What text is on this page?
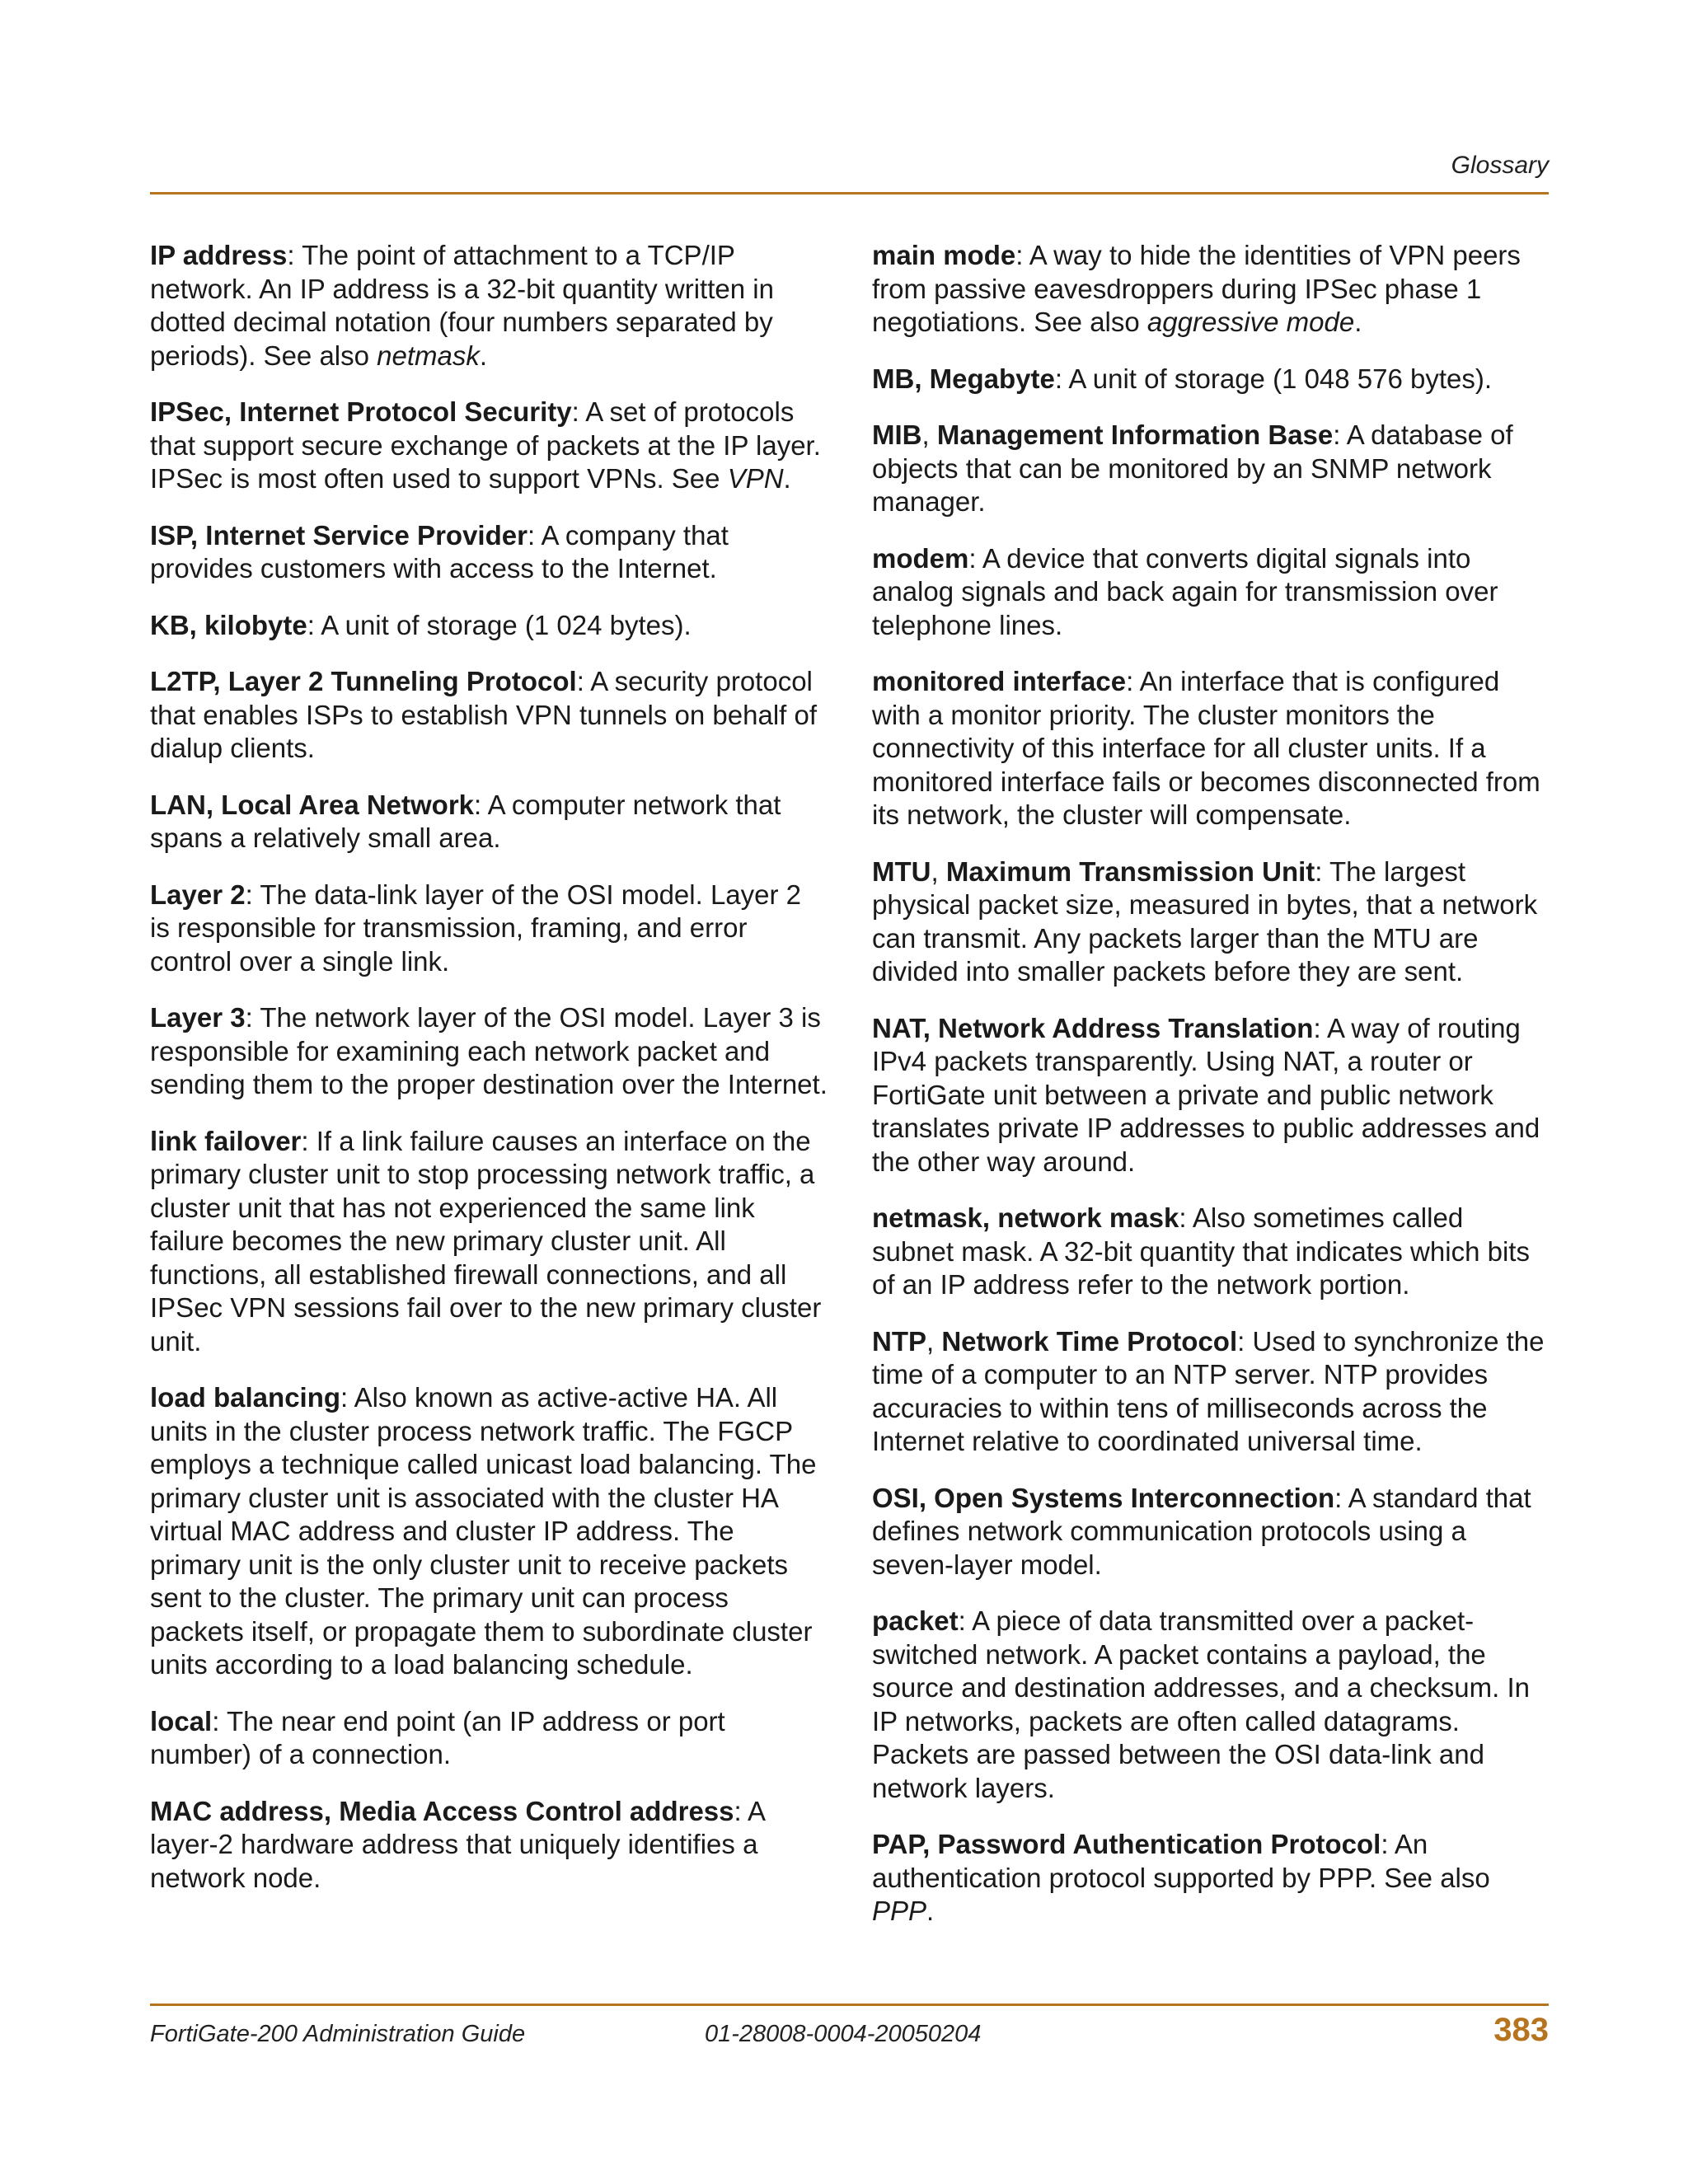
Glossary

IP address: The point of attachment to a TCP/IP network. An IP address is a 32-bit quantity written in dotted decimal notation (four numbers separated by periods). See also netmask.

IPSec, Internet Protocol Security: A set of protocols that support secure exchange of packets at the IP layer. IPSec is most often used to support VPNs. See VPN.

ISP, Internet Service Provider: A company that provides customers with access to the Internet.

KB, kilobyte: A unit of storage (1 024 bytes).

L2TP, Layer 2 Tunneling Protocol: A security protocol that enables ISPs to establish VPN tunnels on behalf of dialup clients.

LAN, Local Area Network: A computer network that spans a relatively small area.

Layer 2: The data-link layer of the OSI model. Layer 2 is responsible for transmission, framing, and error control over a single link.

Layer 3: The network layer of the OSI model. Layer 3 is responsible for examining each network packet and sending them to the proper destination over the Internet.

link failover: If a link failure causes an interface on the primary cluster unit to stop processing network traffic, a cluster unit that has not experienced the same link failure becomes the new primary cluster unit. All functions, all established firewall connections, and all IPSec VPN sessions fail over to the new primary cluster unit.

load balancing: Also known as active-active HA. All units in the cluster process network traffic. The FGCP employs a technique called unicast load balancing. The primary cluster unit is associated with the cluster HA virtual MAC address and cluster IP address. The primary unit is the only cluster unit to receive packets sent to the cluster. The primary unit can process packets itself, or propagate them to subordinate cluster units according to a load balancing schedule.

local: The near end point (an IP address or port number) of a connection.

MAC address, Media Access Control address: A layer-2 hardware address that uniquely identifies a network node.

main mode: A way to hide the identities of VPN peers from passive eavesdroppers during IPSec phase 1 negotiations. See also aggressive mode.

MB, Megabyte: A unit of storage (1 048 576 bytes).

MIB, Management Information Base: A database of objects that can be monitored by an SNMP network manager.

modem: A device that converts digital signals into analog signals and back again for transmission over telephone lines.

monitored interface: An interface that is configured with a monitor priority. The cluster monitors the connectivity of this interface for all cluster units. If a monitored interface fails or becomes disconnected from its network, the cluster will compensate.

MTU, Maximum Transmission Unit: The largest physical packet size, measured in bytes, that a network can transmit. Any packets larger than the MTU are divided into smaller packets before they are sent.

NAT, Network Address Translation: A way of routing IPv4 packets transparently. Using NAT, a router or FortiGate unit between a private and public network translates private IP addresses to public addresses and the other way around.

netmask, network mask: Also sometimes called subnet mask. A 32-bit quantity that indicates which bits of an IP address refer to the network portion.

NTP, Network Time Protocol: Used to synchronize the time of a computer to an NTP server. NTP provides accuracies to within tens of milliseconds across the Internet relative to coordinated universal time.

OSI, Open Systems Interconnection: A standard that defines network communication protocols using a seven-layer model.

packet: A piece of data transmitted over a packet-switched network. A packet contains a payload, the source and destination addresses, and a checksum. In IP networks, packets are often called datagrams. Packets are passed between the OSI data-link and network layers.

PAP, Password Authentication Protocol: An authentication protocol supported by PPP. See also PPP.

FortiGate-200 Administration Guide	01-28008-0004-20050204	383
